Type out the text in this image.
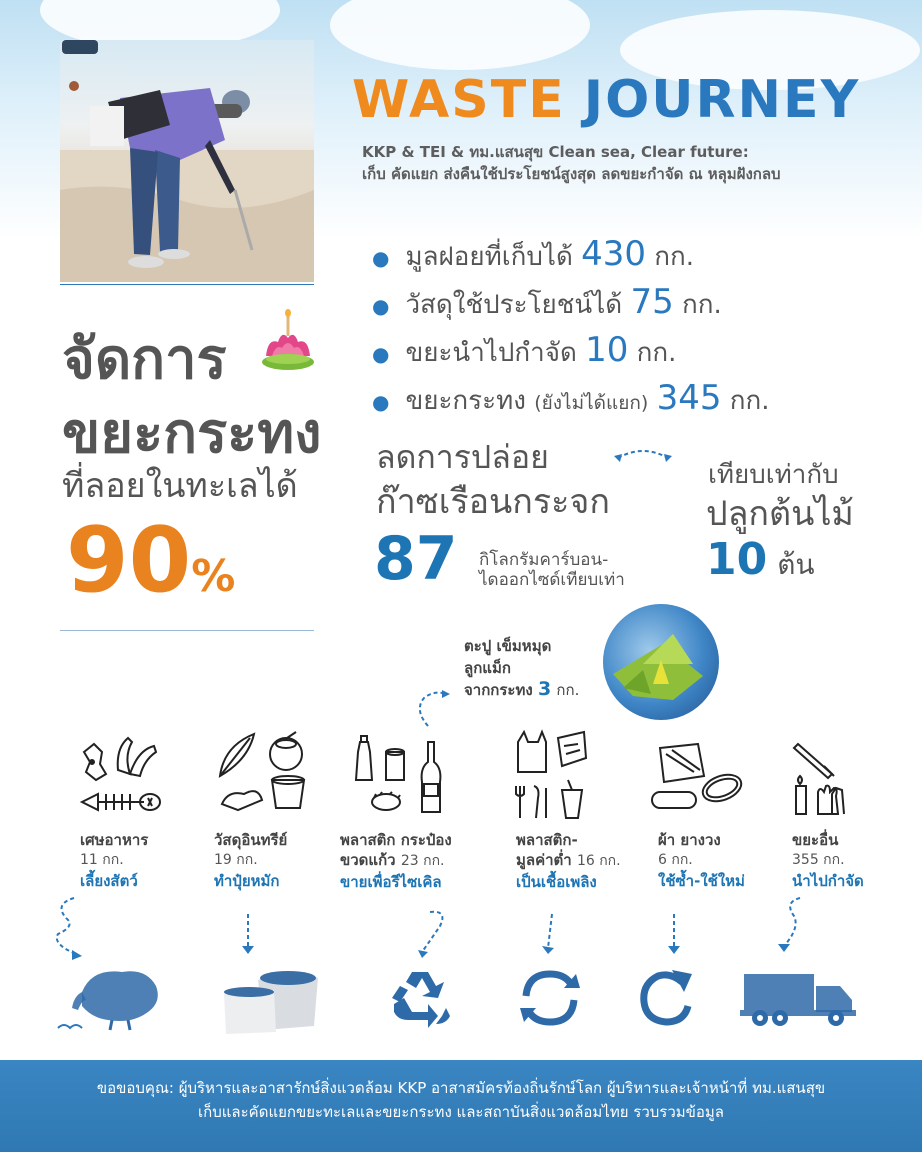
WASTE JOURNEY
KKP & TEI & ทม.แสนสุข Clean sea, Clear future:
เก็บ คัดแยก ส่งคืนใช้ประโยชน์สูงสุด ลดขยะกำจัด ณ หลุมฝังกลบ
● มูลฝอยที่เก็บได้ 430 กก.
● วัสดุใช้ประโยชน์ได้ 75 กก.
● ขยะนำไปกำจัด 10 กก.
● ขยะกระทง (ยังไม่ได้แยก) 345 กก.
จัดการ
ขยะกระทง
ที่ลอยในทะเลได้
90%
ลดการปล่อย
ก๊าซเรือนกระจก
87 กิโลกรัมคาร์บอน-
ไดออกไซด์เทียบเท่า
เทียบเท่ากับ
ปลูกต้นไม้
10 ต้น
ตะปู เข็มหมุด
ลูกแม็ก
จากกระทง 3 กก.
เศษอาหาร
11 กก.
เลี้ยงสัตว์
วัสดุอินทรีย์
19 กก.
ทำปุ๋ยหมัก
พลาสติก กระป๋อง
ขวดแก้ว 23 กก.
ขายเพื่อรีไซเคิล
พลาสติก-
มูลค่าต่ำ 16 กก.
เป็นเชื้อเพลิง
ผ้า ยางวง
6 กก.
ใช้ซ้ำ-ใช้ใหม่
ขยะอื่น
355 กก.
นำไปกำจัด
ขอขอบคุณ: ผู้บริหารและอาสารักษ์สิ่งแวดล้อม KKP อาสาสมัครท้องถิ่นรักษ์โลก ผู้บริหารและเจ้าหน้าที่ ทม.แสนสุข
เก็บและคัดแยกขยะทะเลและขยะกระทง และสถาบันสิ่งแวดล้อมไทย รวบรวมข้อมูล
